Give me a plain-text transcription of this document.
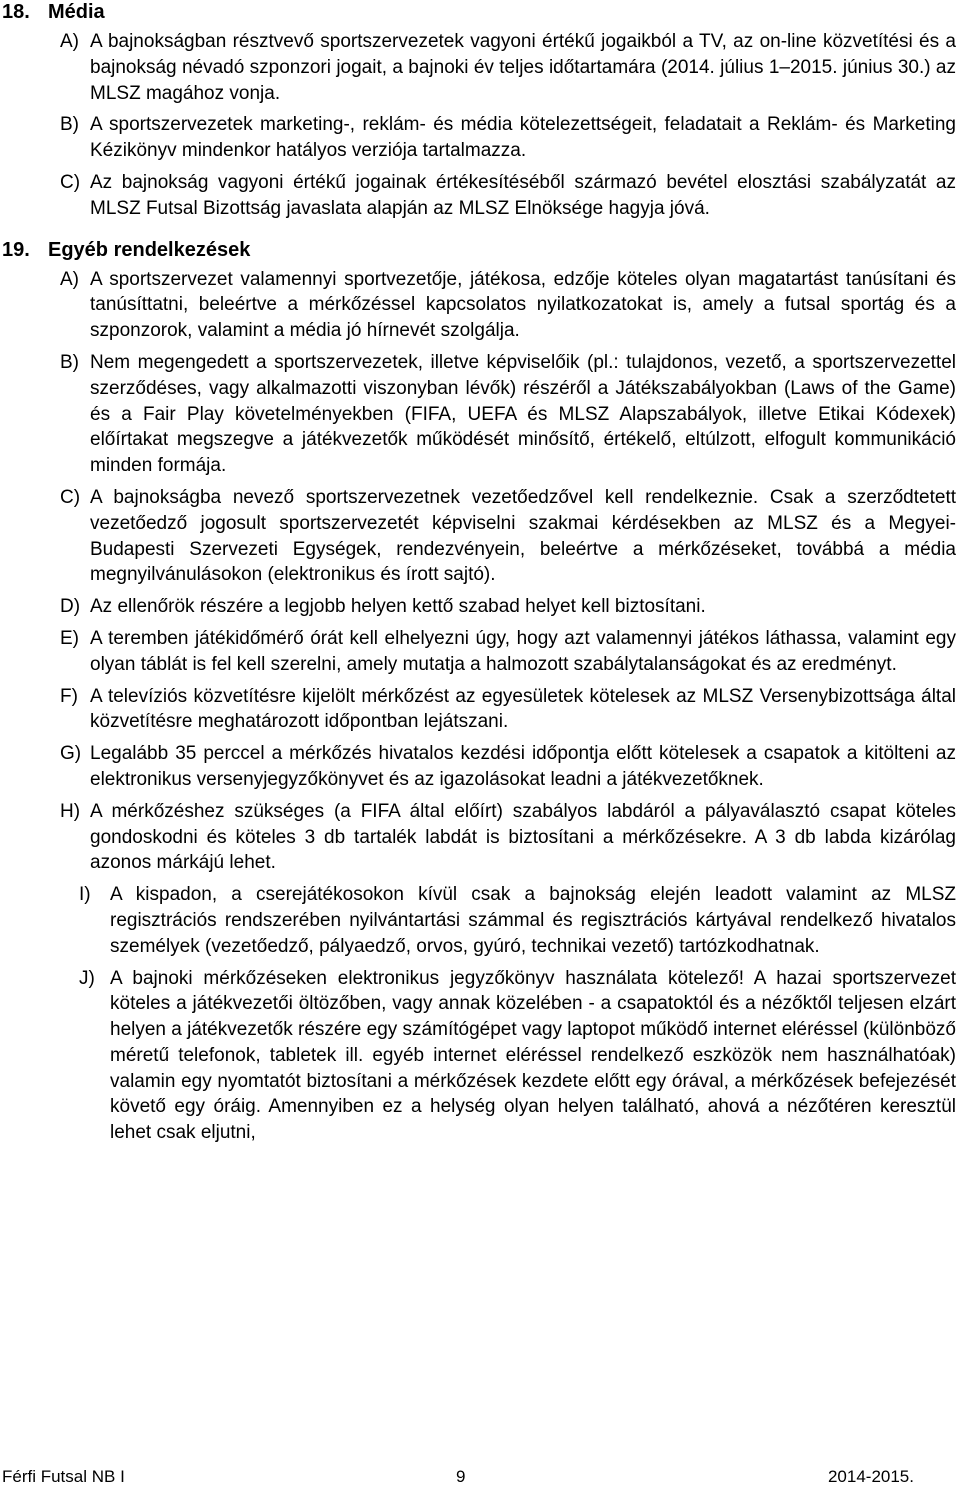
18. Média
A) A bajnokságban résztvevő sportszervezetek vagyoni értékű jogaikból a TV, az on-line közvetítési és a bajnokság névadó szponzori jogait, a bajnoki év teljes időtartamára (2014. július 1–2015. június 30.) az MLSZ magához vonja.
B) A sportszervezetek marketing-, reklám- és média kötelezettségeit, feladatait a Reklám- és Marketing Kézikönyv mindenkor hatályos verziója tartalmazza.
C) Az bajnokság vagyoni értékű jogainak értékesítéséből származó bevétel elosztási szabályzatát az MLSZ Futsal Bizottság javaslata alapján az MLSZ Elnöksége hagyja jóvá.
19. Egyéb rendelkezések
A) A sportszervezet valamennyi sportvezetője, játékosa, edzője köteles olyan magatartást tanúsítani és tanúsíttatni, beleértve a mérkőzéssel kapcsolatos nyilatkozatokat is, amely a futsal sportág és a szponzorok, valamint a média jó hírnevét szolgálja.
B) Nem megengedett a sportszervezetek, illetve képviselőik (pl.: tulajdonos, vezető, a sportszervezettel szerződéses, vagy alkalmazotti viszonyban lévők) részéről a Játékszabályokban (Laws of the Game) és a Fair Play követelményekben (FIFA, UEFA és MLSZ Alapszabályok, illetve Etikai Kódexek) előírtakat megszegve a játékvezetők működését minősítő, értékelő, eltúlzott, elfogult kommunikáció minden formája.
C) A bajnokságba nevező sportszervezetnek vezetőedzővel kell rendelkeznie. Csak a szerződtetett vezetőedző jogosult sportszervezetét képviselni szakmai kérdésekben az MLSZ és a Megyei-Budapesti Szervezeti Egységek, rendezvényein, beleértve a mérkőzéseket, továbbá a média megnyilvánulásokon (elektronikus és írott sajtó).
D) Az ellenőrök részére a legjobb helyen kettő szabad helyet kell biztosítani.
E) A teremben játékidőmérő órát kell elhelyezni úgy, hogy azt valamennyi játékos láthassa, valamint egy olyan táblát is fel kell szerelni, amely mutatja a halmozott szabálytalanságokat és az eredményt.
F) A televíziós közvetítésre kijelölt mérkőzést az egyesületek kötelesek az MLSZ Versenybizottsága által közvetítésre meghatározott időpontban lejátszani.
G) Legalább 35 perccel a mérkőzés hivatalos kezdési időpontja előtt kötelesek a csapatok a kitölteni az elektronikus versenyjegyzőkönyvet és az igazolásokat leadni a játékvezetőknek.
H) A mérkőzéshez szükséges (a FIFA által előírt) szabályos labdáról a pályaválasztó csapat köteles gondoskodni és köteles 3 db tartalék labdát is biztosítani a mérkőzésekre. A 3 db labda kizárólag azonos márkájú lehet.
I)	A kispadon, a cserejátékosokon kívül csak a bajnokság elején leadott valamint az MLSZ regisztrációs rendszerében nyilvántartási számmal és regisztrációs kártyával rendelkező hivatalos személyek (vezetőedző, pályaedző, orvos, gyúró, technikai vezető) tartózkodhatnak.
J) A bajnoki mérkőzéseken elektronikus jegyzőkönyv használata kötelező! A hazai sportszervezet köteles a játékvezetői öltözőben, vagy annak közelében - a csapatoktól és a nézőktől teljesen elzárt helyen a játékvezetők részére egy számítógépet vagy laptopot működő internet eléréssel (különböző méretű telefonok, tabletek ill. egyéb internet eléréssel rendelkező eszközök nem használhatóak) valamin egy nyomtatót biztosítani a mérkőzések kezdete előtt egy órával, a mérkőzések befejezését követő egy óráig. Amennyiben ez a helység olyan helyen található, ahová a nézőtéren keresztül lehet csak eljutni,
Férfi Futsal NB I	9	2014-2015.
